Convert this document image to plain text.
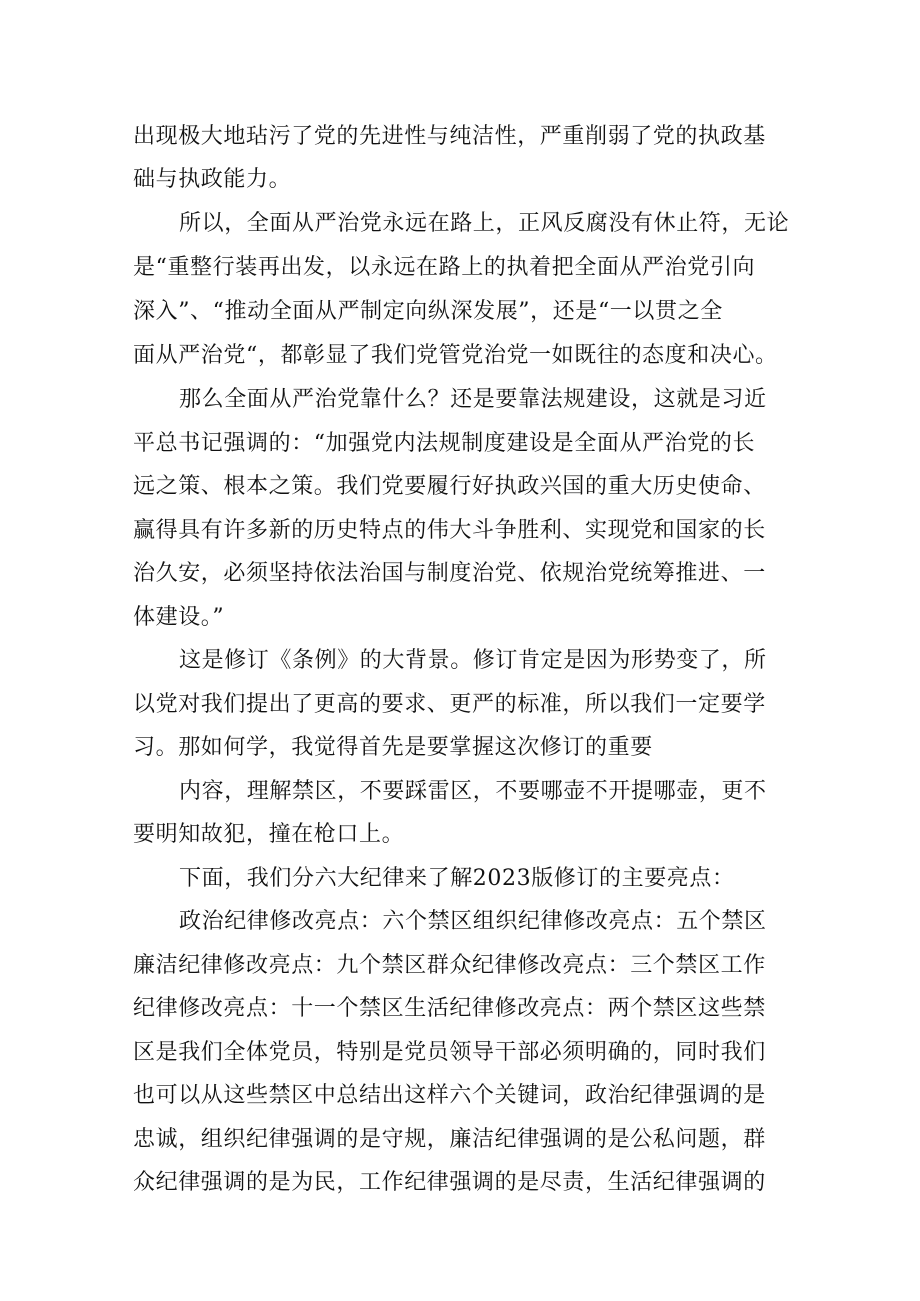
出现极大地玷污了党的先进性与纯洁性，严重削弱了党的执政基
础与执政能力。
所以，全面从严治党永远在路上，正风反腐没有休止符，无论
是“重整行装再出发，以永远在路上的执着把全面从严治党引向
深入”、“推动全面从严制定向纵深发展”，还是“一以贯之全
面从严治党“，都彰显了我们党管党治党一如既往的态度和决心。
那么全面从严治党靠什么？还是要靠法规建设，这就是习近
平总书记强调的：“加强党内法规制度建设是全面从严治党的长
远之策、根本之策。我们党要履行好执政兴国的重大历史使命、
赢得具有许多新的历史特点的伟大斗争胜利、实现党和国家的长
治久安，必须坚持依法治国与制度治党、依规治党统筹推进、一
体建设。”
这是修订《条例》的大背景。修订肯定是因为形势变了，所
以党对我们提出了更高的要求、更严的标准，所以我们一定要学
习。那如何学，我觉得首先是要掌握这次修订的重要
内容，理解禁区，不要踩雷区，不要哪壶不开提哪壶，更不
要明知故犯，撞在枪口上。
下面，我们分六大纪律来了解2023版修订的主要亮点：
政治纪律修改亮点：六个禁区组织纪律修改亮点：五个禁区
廉洁纪律修改亮点：九个禁区群众纪律修改亮点：三个禁区工作
纪律修改亮点：十一个禁区生活纪律修改亮点：两个禁区这些禁
区是我们全体党员，特别是党员领导干部必须明确的，同时我们
也可以从这些禁区中总结出这样六个关键词，政治纪律强调的是
忠诚，组织纪律强调的是守规，廉洁纪律强调的是公私问题，群
众纪律强调的是为民，工作纪律强调的是尽责，生活纪律强调的
